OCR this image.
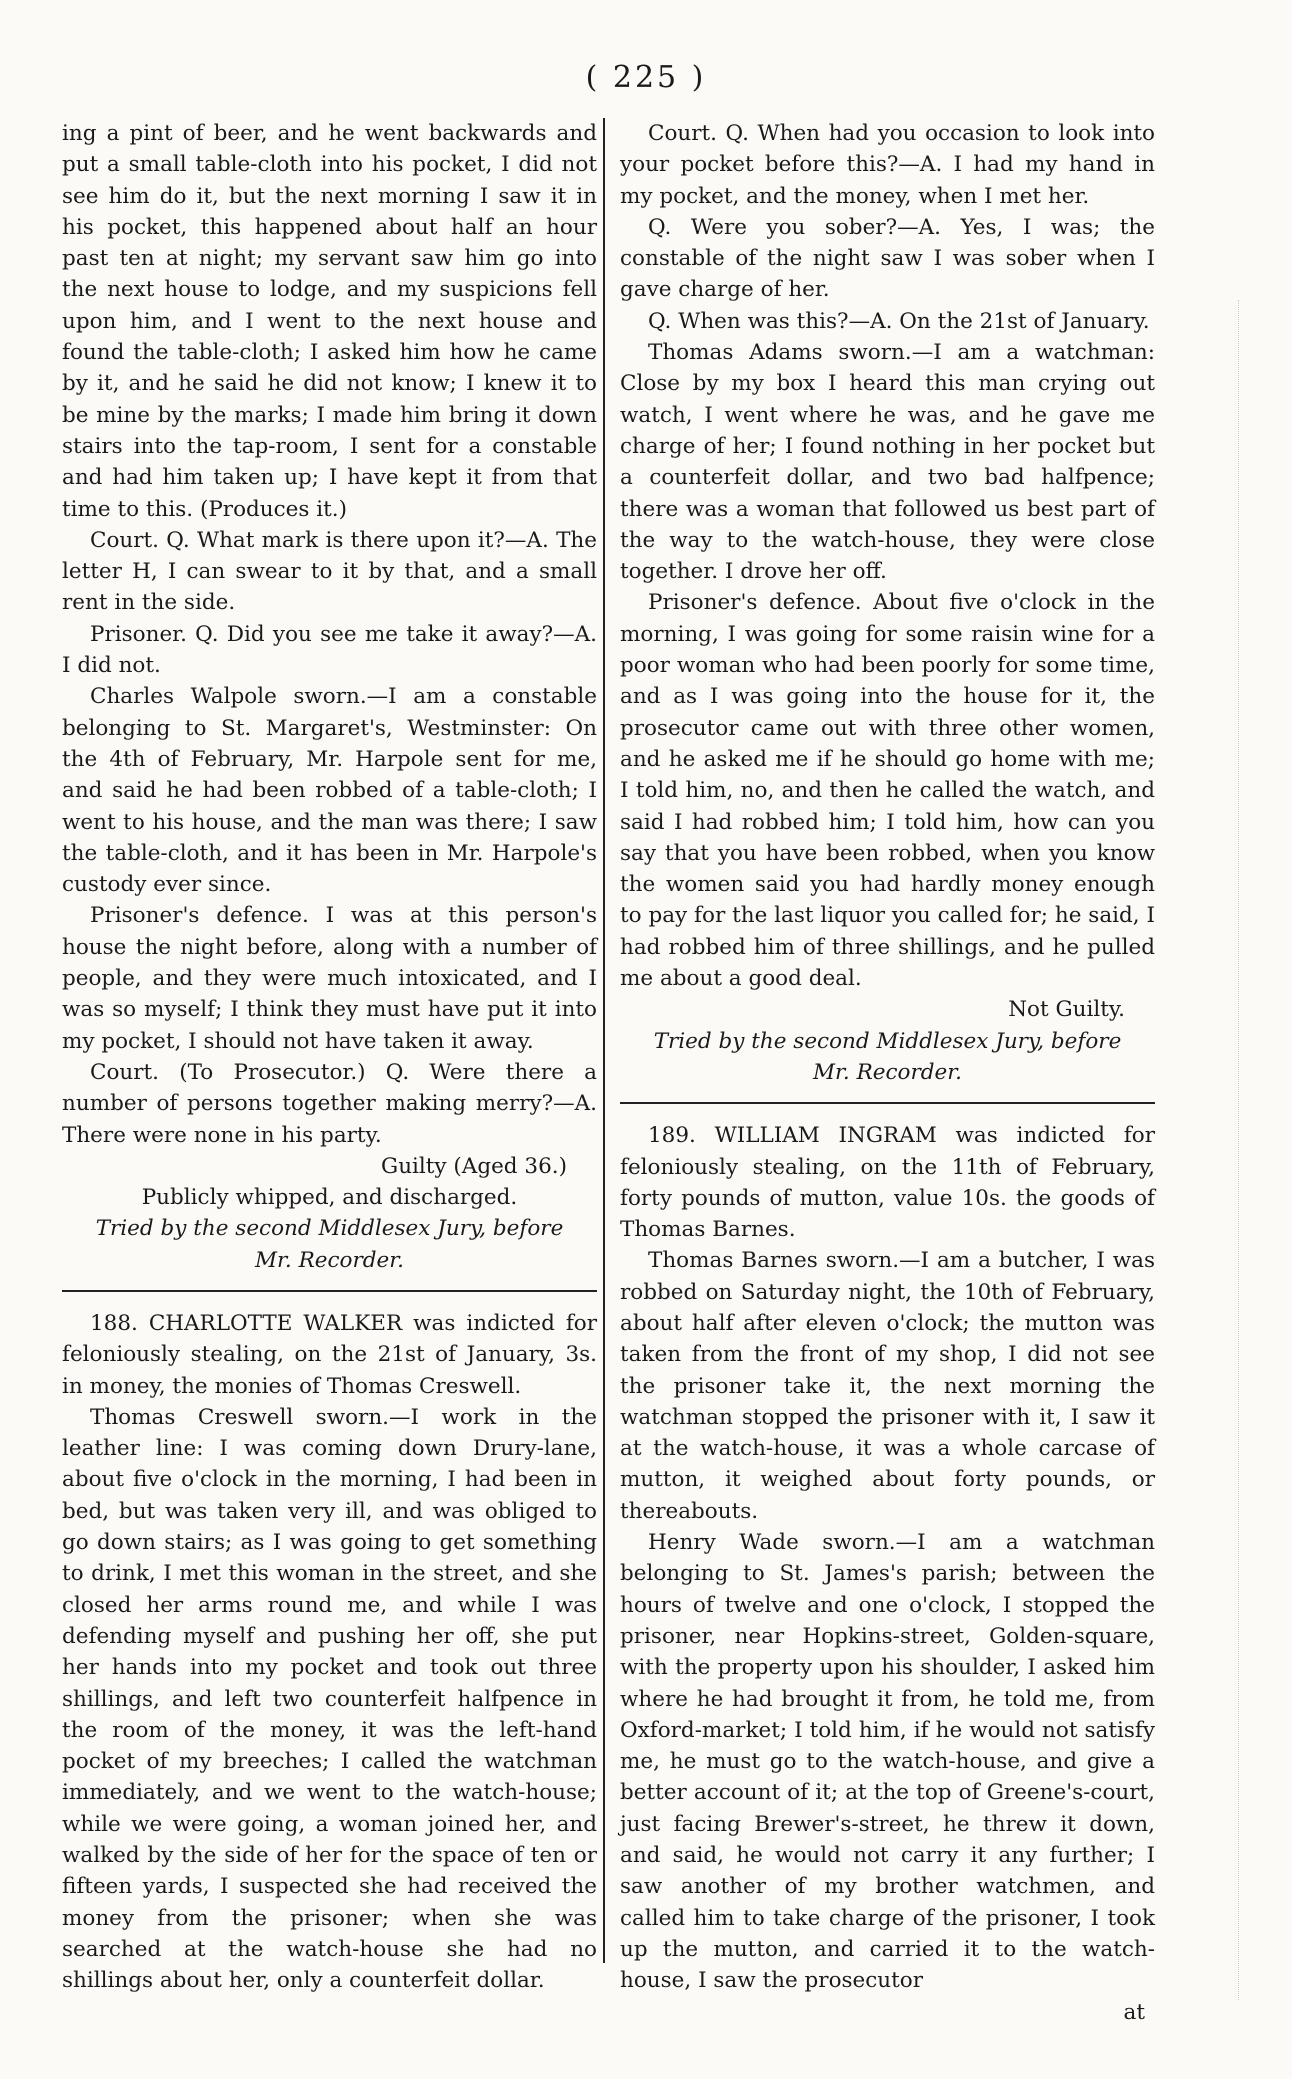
( 225 )

ing a pint of beer, and he went backwards and put a small table-cloth into his pocket, I did not see him do it, but the next morning I saw it in his pocket, this happened about half an hour past ten at night; my servant saw him go into the next house to lodge, and my suspicions fell upon him, and I went to the next house and found the table-cloth; I asked him how he came by it, and he said he did not know; I knew it to be mine by the marks; I made him bring it down stairs into the tap-room, I sent for a constable and had him taken up; I have kept it from that time to this. (Produces it.)

Court. Q. What mark is there upon it?—A. The letter H, I can swear to it by that, and a small rent in the side.

Prisoner. Q. Did you see me take it away?—A. I did not.

Charles Walpole sworn.—I am a constable belonging to St. Margaret's, Westminster: On the 4th of February, Mr. Harpole sent for me, and said he had been robbed of a table-cloth; I went to his house, and the man was there; I saw the table-cloth, and it has been in Mr. Harpole's custody ever since.

Prisoner's defence. I was at this person's house the night before, along with a number of people, and they were much intoxicated, and I was so myself; I think they must have put it into my pocket, I should not have taken it away.

Court. (To Prosecutor.) Q. Were there a number of persons together making merry?—A. There were none in his party.

Guilty (Aged 36.)

Publicly whipped, and discharged.

Tried by the second Middlesex Jury, before

Mr. Recorder.

188. CHARLOTTE WALKER was indicted for feloniously stealing, on the 21st of January, 3s. in money, the monies of Thomas Creswell.

Thomas Creswell sworn.—I work in the leather line: I was coming down Drury-lane, about five o'clock in the morning, I had been in bed, but was taken very ill, and was obliged to go down stairs; as I was going to get something to drink, I met this woman in the street, and she closed her arms round me, and while I was defending myself and pushing her off, she put her hands into my pocket and took out three shillings, and left two counterfeit halfpence in the room of the money, it was the left-hand pocket of my breeches; I called the watchman immediately, and we went to the watch-house; while we were going, a woman joined her, and walked by the side of her for the space of ten or fifteen yards, I suspected she had received the money from the prisoner; when she was searched at the watch-house she had no shillings about her, only a counterfeit dollar.

Court. Q. When had you occasion to look into your pocket before this?—A. I had my hand in my pocket, and the money, when I met her.

Q. Were you sober?—A. Yes, I was; the constable of the night saw I was sober when I gave charge of her.

Q. When was this?—A. On the 21st of January.

Thomas Adams sworn.—I am a watchman: Close by my box I heard this man crying out watch, I went where he was, and he gave me charge of her; I found nothing in her pocket but a counterfeit dollar, and two bad halfpence; there was a woman that followed us best part of the way to the watch-house, they were close together. I drove her off.

Prisoner's defence. About five o'clock in the morning, I was going for some raisin wine for a poor woman who had been poorly for some time, and as I was going into the house for it, the prosecutor came out with three other women, and he asked me if he should go home with me; I told him, no, and then he called the watch, and said I had robbed him; I told him, how can you say that you have been robbed, when you know the women said you had hardly money enough to pay for the last liquor you called for; he said, I had robbed him of three shillings, and he pulled me about a good deal.

Not Guilty.

Tried by the second Middlesex Jury, before

Mr. Recorder.

189. WILLIAM INGRAM was indicted for feloniously stealing, on the 11th of February, forty pounds of mutton, value 10s. the goods of Thomas Barnes.

Thomas Barnes sworn.—I am a butcher, I was robbed on Saturday night, the 10th of February, about half after eleven o'clock; the mutton was taken from the front of my shop, I did not see the prisoner take it, the next morning the watchman stopped the prisoner with it, I saw it at the watch-house, it was a whole carcase of mutton, it weighed about forty pounds, or thereabouts.

Henry Wade sworn.—I am a watchman belonging to St. James's parish; between the hours of twelve and one o'clock, I stopped the prisoner, near Hopkins-street, Golden-square, with the property upon his shoulder, I asked him where he had brought it from, he told me, from Oxford-market; I told him, if he would not satisfy me, he must go to the watch-house, and give a better account of it; at the top of Greene's-court, just facing Brewer's-street, he threw it down, and said, he would not carry it any further; I saw another of my brother watchmen, and called him to take charge of the prisoner, I took up the mutton, and carried it to the watch-house, I saw the prosecutor

at
